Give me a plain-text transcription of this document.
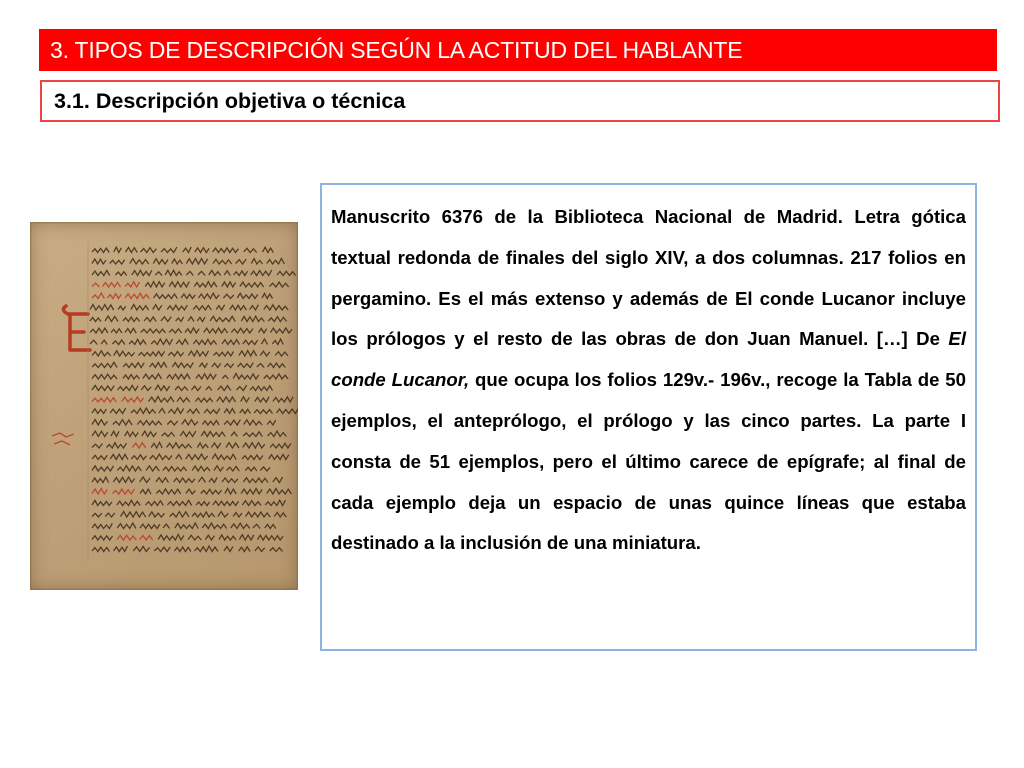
3. TIPOS DE DESCRIPCIÓN SEGÚN LA ACTITUD DEL HABLANTE
3.1. Descripción objetiva o técnica

Manuscrito 6376 de la Biblioteca Nacional de Madrid. Letra gótica textual redonda de finales del siglo XIV, a dos columnas. 217 folios en pergamino. Es el más extenso y además de El conde Lucanor incluye los prólogos y el resto de las obras de don Juan Manuel. […] De El conde Lucanor, que ocupa los folios 129v.- 196v., recoge la Tabla de 50 ejemplos, el anteprólogo, el prólogo y las cinco partes. La parte I consta de 51 ejemplos, pero el último carece de epígrafe; al final de cada ejemplo deja un espacio de unas quince líneas que estaba destinado a la inclusión de una miniatura.
